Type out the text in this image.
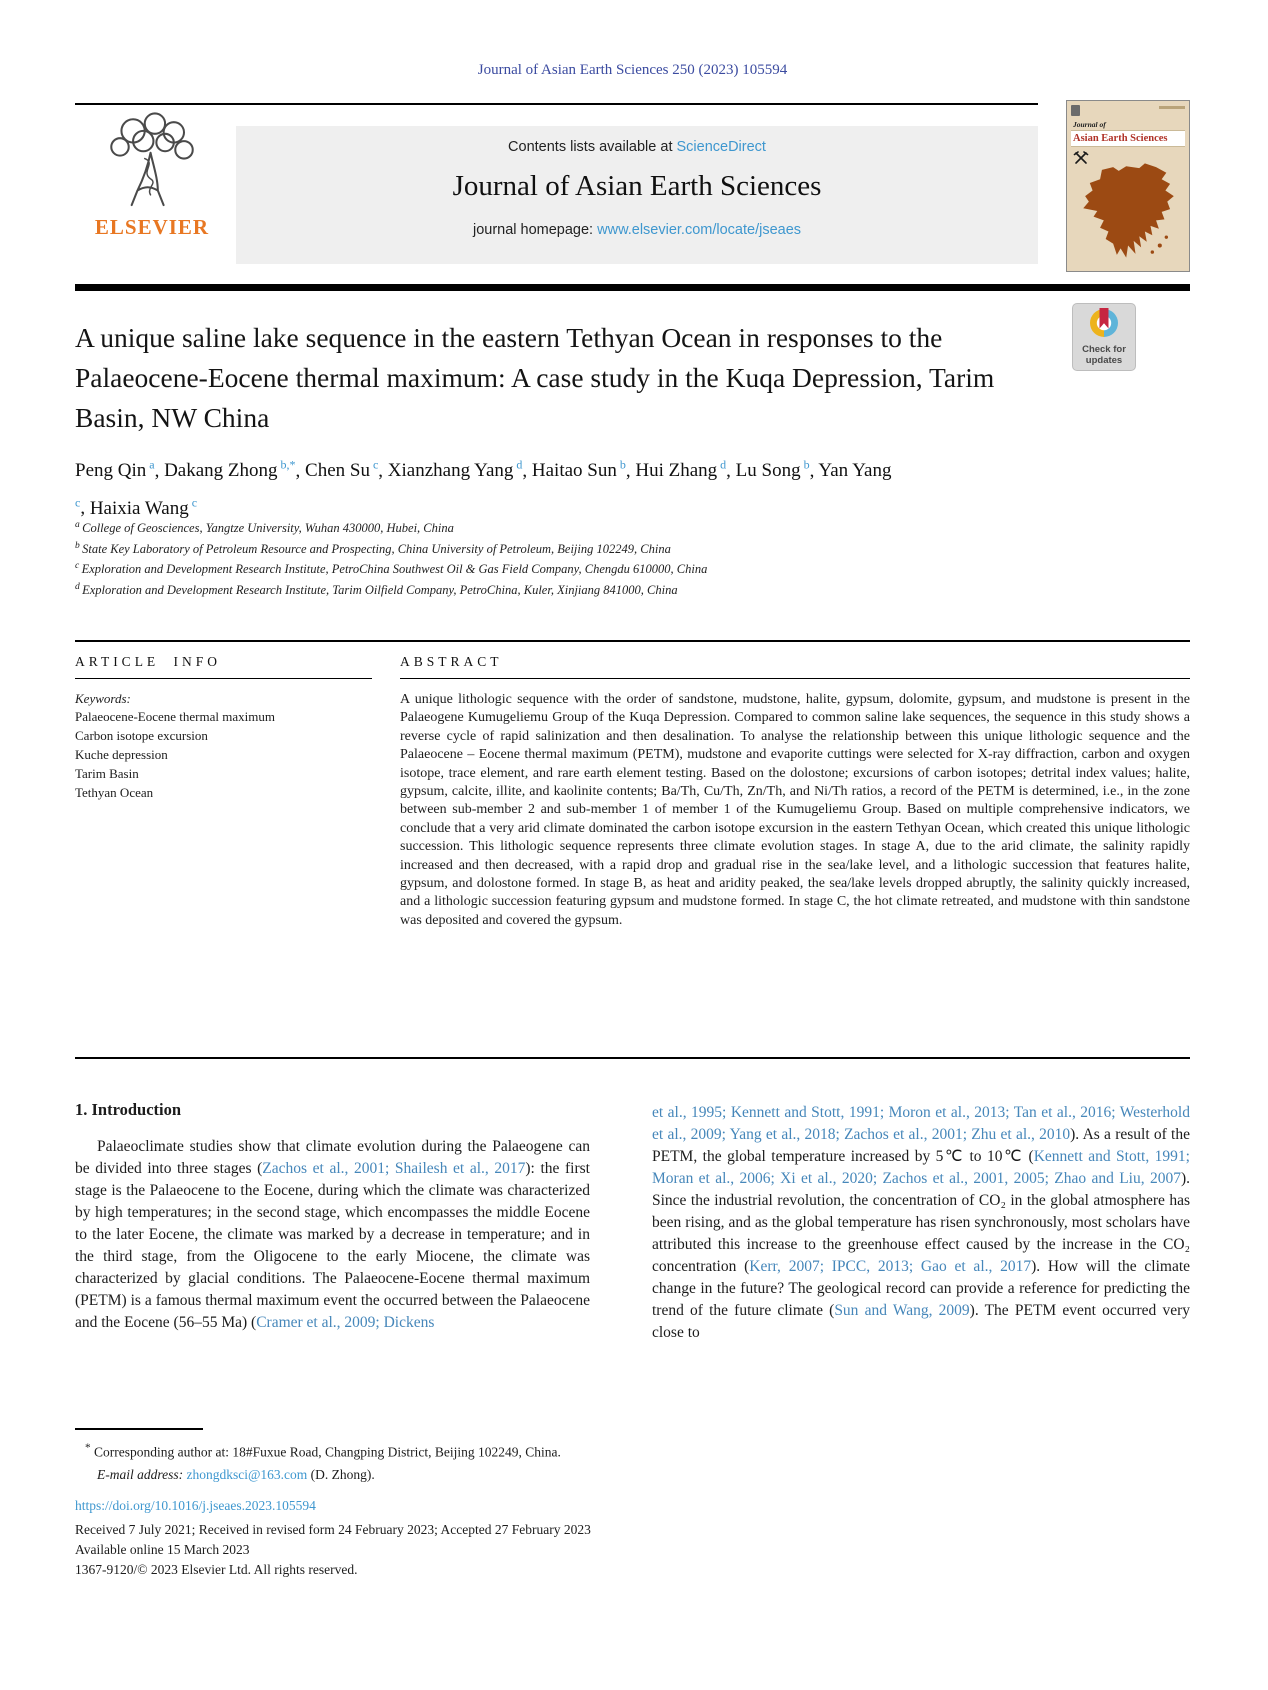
Journal of Asian Earth Sciences 250 (2023) 105594
ELSEVIER
Contents lists available at ScienceDirect
Journal of Asian Earth Sciences
journal homepage: www.elsevier.com/locate/jseaes
Journal of
Asian Earth Sciences
A unique saline lake sequence in the eastern Tethyan Ocean in responses to the Palaeocene-Eocene thermal maximum: A case study in the Kuqa Depression, Tarim Basin, NW China
Check for
updates
Peng Qin $^a$, Dakang Zhong $^{b,*}$, Chen Su $^c$, Xianzhang Yang $^d$, Haitao Sun $^b$, Hui Zhang $^d$, Lu Song $^b$, Yan Yang $^c$, Haixia Wang $^c$
$^a$ College of Geosciences, Yangtze University, Wuhan 430000, Hubei, China
$^b$ State Key Laboratory of Petroleum Resource and Prospecting, China University of Petroleum, Beijing 102249, China
$^c$ Exploration and Development Research Institute, PetroChina Southwest Oil & Gas Field Company, Chengdu 610000, China
$^d$ Exploration and Development Research Institute, Tarim Oilfield Company, PetroChina, Kuler, Xinjiang 841000, China
ARTICLE INFO
Keywords:
Palaeocene-Eocene thermal maximum
Carbon isotope excursion
Kuche depression
Tarim Basin
Tethyan Ocean
ABSTRACT
A unique lithologic sequence with the order of sandstone, mudstone, halite, gypsum, dolomite, gypsum, and mudstone is present in the Palaeogene Kumugeliemu Group of the Kuqa Depression. Compared to common saline lake sequences, the sequence in this study shows a reverse cycle of rapid salinization and then desalination. To analyse the relationship between this unique lithologic sequence and the Palaeocene – Eocene thermal maximum (PETM), mudstone and evaporite cuttings were selected for X-ray diffraction, carbon and oxygen isotope, trace element, and rare earth element testing. Based on the dolostone; excursions of carbon isotopes; detrital index values; halite, gypsum, calcite, illite, and kaolinite contents; Ba/Th, Cu/Th, Zn/Th, and Ni/Th ratios, a record of the PETM is determined, i.e., in the zone between sub-member 2 and sub-member 1 of member 1 of the Kumugeliemu Group. Based on multiple comprehensive indicators, we conclude that a very arid climate dominated the carbon isotope excursion in the eastern Tethyan Ocean, which created this unique lithologic succession. This lithologic sequence represents three climate evolution stages. In stage A, due to the arid climate, the salinity rapidly increased and then decreased, with a rapid drop and gradual rise in the sea/lake level, and a lithologic succession that features halite, gypsum, and dolostone formed. In stage B, as heat and aridity peaked, the sea/lake levels dropped abruptly, the salinity quickly increased, and a lithologic succession featuring gypsum and mudstone formed. In stage C, the hot climate retreated, and mudstone with thin sandstone was deposited and covered the gypsum.
1. Introduction
Palaeoclimate studies show that climate evolution during the Palaeogene can be divided into three stages (Zachos et al., 2001; Shailesh et al., 2017): the first stage is the Palaeocene to the Eocene, during which the climate was characterized by high temperatures; in the second stage, which encompasses the middle Eocene to the later Eocene, the climate was marked by a decrease in temperature; and in the third stage, from the Oligocene to the early Miocene, the climate was characterized by glacial conditions. The Palaeocene-Eocene thermal maximum (PETM) is a famous thermal maximum event the occurred between the Palaeocene and the Eocene (56–55 Ma) (Cramer et al., 2009; Dickens
et al., 1995; Kennett and Stott, 1991; Moron et al., 2013; Tan et al., 2016; Westerhold et al., 2009; Yang et al., 2018; Zachos et al., 2001; Zhu et al., 2010). As a result of the PETM, the global temperature increased by 5℃ to 10℃ (Kennett and Stott, 1991; Moran et al., 2006; Xi et al., 2020; Zachos et al., 2001, 2005; Zhao and Liu, 2007). Since the industrial revolution, the concentration of CO₂ in the global atmosphere has been rising, and as the global temperature has risen synchronously, most scholars have attributed this increase to the greenhouse effect caused by the increase in the CO₂ concentration (Kerr, 2007; IPCC, 2013; Gao et al., 2017). How will the climate change in the future? The geological record can provide a reference for predicting the trend of the future climate (Sun and Wang, 2009). The PETM event occurred very close to
* Corresponding author at: 18#Fuxue Road, Changping District, Beijing 102249, China.
E-mail address: zhongdksci@163.com (D. Zhong).
https://doi.org/10.1016/j.jseaes.2023.105594
Received 7 July 2021; Received in revised form 24 February 2023; Accepted 27 February 2023
Available online 15 March 2023
1367-9120/© 2023 Elsevier Ltd. All rights reserved.
